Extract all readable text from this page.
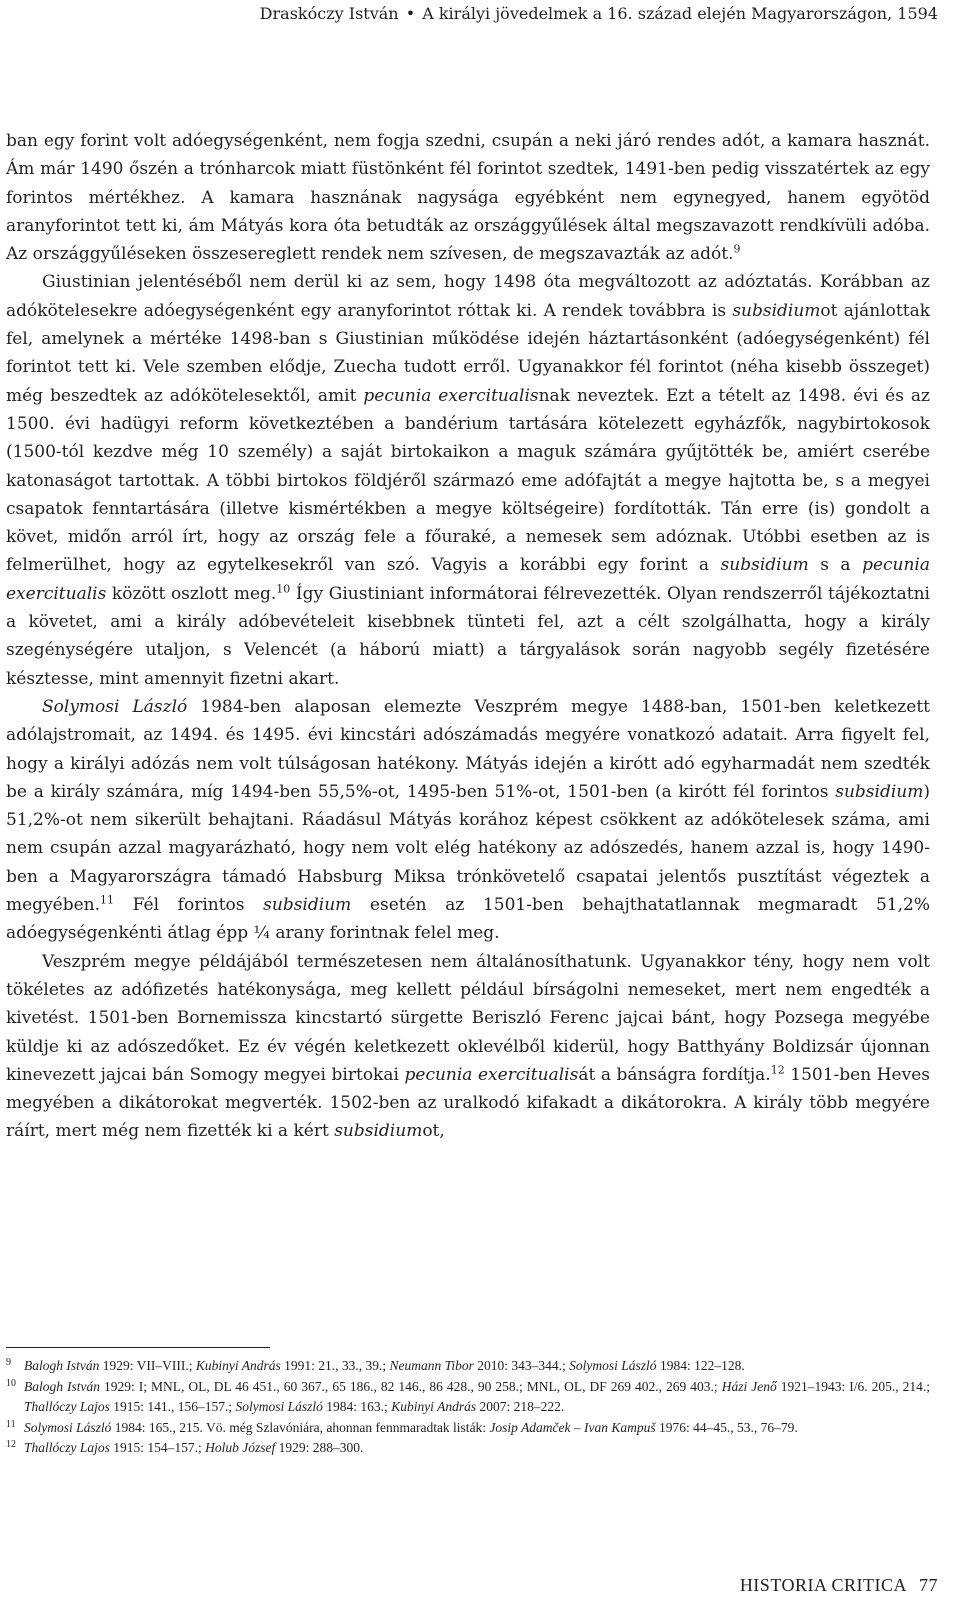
Draskóczy István • A királyi jövedelmek a 16. század elején Magyarországon, 1594

ban egy forint volt adóegységenként, nem fogja szedni, csupán a neki járó rendes adót, a kamara hasznát. Ám már 1490 őszén a trónharcok miatt füstönként fél forintot szedtek, 1491-ben pedig visszatértek az egy forintos mértékhez. A kamara hasznának nagysága egyébként nem egynegyed, hanem egyötöd aranyforintot tett ki, ám Mátyás kora óta betudták az országgyűlések által megszavazott rendkívüli adóba. Az országgyűléseken összesereglett rendek nem szívesen, de megszavazták az adót.$^9$

Giustinian jelentéséből nem derül ki az sem, hogy 1498 óta megváltozott az adóztatás. Korábban az adókötelesekre adóegységenként egy aranyforintot róttak ki. A rendek továbbra is subsidiumot ajánlottak fel, amelynek a mértéke 1498-ban s Giustinian működése idején háztartásonként (adóegységenként) fél forintot tett ki. Vele szemben elődje, Zuecha tudott erről. Ugyanakkor fél forintot (néha kisebb összeget) még beszedtek az adókötelesektől, amit pecunia exercitualisnak neveztek. Ezt a tételt az 1498. évi és az 1500. évi hadügyi reform következtében a bandérium tartására kötelezett egyházfők, nagybirtokosok (1500-tól kezdve még 10 személy) a saját birtokaikon a maguk számára gyűjtötték be, amiért cserébe katonaságot tartottak. A többi birtokos földjéről származó eme adófajtát a megye hajtotta be, s a megyei csapatok fenntartására (illetve kismértékben a megye költségeire) fordították. Tán erre (is) gondolt a követ, midőn arról írt, hogy az ország fele a főuraké, a nemesek sem adóznak. Utóbbi esetben az is felmerülhet, hogy az egytelkesekről van szó. Vagyis a korábbi egy forint a subsidium s a pecunia exercitualis között oszlott meg.$^{10}$ Így Giustiniant informátorai félrevezették. Olyan rendszerről tájékoztatni a követet, ami a király adóbevételeit kisebbnek tünteti fel, azt a célt szolgálhatta, hogy a király szegénységére utaljon, s Velencét (a háború miatt) a tárgyalások során nagyobb segély fizetésére késztesse, mint amennyit fizetni akart.

Solymosi László 1984-ben alaposan elemezte Veszprém megye 1488-ban, 1501-ben keletkezett adólajstromait, az 1494. és 1495. évi kincstári adószámadás megyére vonatkozó adatait. Arra figyelt fel, hogy a királyi adózás nem volt túlságosan hatékony. Mátyás idején a kirótt adó egyharmadát nem szedték be a király számára, míg 1494-ben 55,5%-ot, 1495-ben 51%-ot, 1501-ben (a kirótt fél forintos subsidium) 51,2%-ot nem sikerült behajtani. Ráadásul Mátyás korához képest csökkent az adókötelesek száma, ami nem csupán azzal magyarázható, hogy nem volt elég hatékony az adószedés, hanem azzal is, hogy 1490-ben a Magyarországra támadó Habsburg Miksa trónkövetelő csapatai jelentős pusztítást végeztek a megyében.$^{11}$ Fél forintos subsidium esetén az 1501-ben behajthatatlannak megmaradt 51,2% adóegységenkénti átlag épp ¼ arany forintnak felel meg.

Veszprém megye példájából természetesen nem általánosíthatunk. Ugyanakkor tény, hogy nem volt tökéletes az adófizetés hatékonysága, meg kellett például bírságolni nemeseket, mert nem engedték a kivetést. 1501-ben Bornemissza kincstartó sürgette Beriszló Ferenc jajcai bánt, hogy Pozsega megyébe küldje ki az adószedőket. Ez év végén keletkezett oklevélből kiderül, hogy Batthyány Boldizsár újonnan kinevezett jajcai bán Somogy megyei birtokai pecunia exercitualisát a bánságra fordítja.$^{12}$ 1501-ben Heves megyében a dikátorokat megverték. 1502-ben az uralkodó kifakadt a dikátorokra. A király több megyére ráírt, mert még nem fizették ki a kért subsidiumot,

9 Balogh István 1929: VII–VIII.; Kubinyi András 1991: 21., 33., 39.; Neumann Tibor 2010: 343–344.; Solymosi László 1984: 122–128.
10 Balogh István 1929: I; MNL, OL, DL 46 451., 60 367., 65 186., 82 146., 86 428., 90 258.; MNL, OL, DF 269 402., 269 403.; Házi Jenő 1921–1943: I/6. 205., 214.; Thallóczy Lajos 1915: 141., 156–157.; Solymosi László 1984: 163.; Kubinyi András 2007: 218–222.
11 Solymosi László 1984: 165., 215. Vö. még Szlavóniára, ahonnan fennmaradtak listák: Josip Adamček – Ivan Kampuš 1976: 44–45., 53., 76–79.
12 Thallóczy Lajos 1915: 154–157.; Holub József 1929: 288–300.
HISTORIA CRITICA 77
